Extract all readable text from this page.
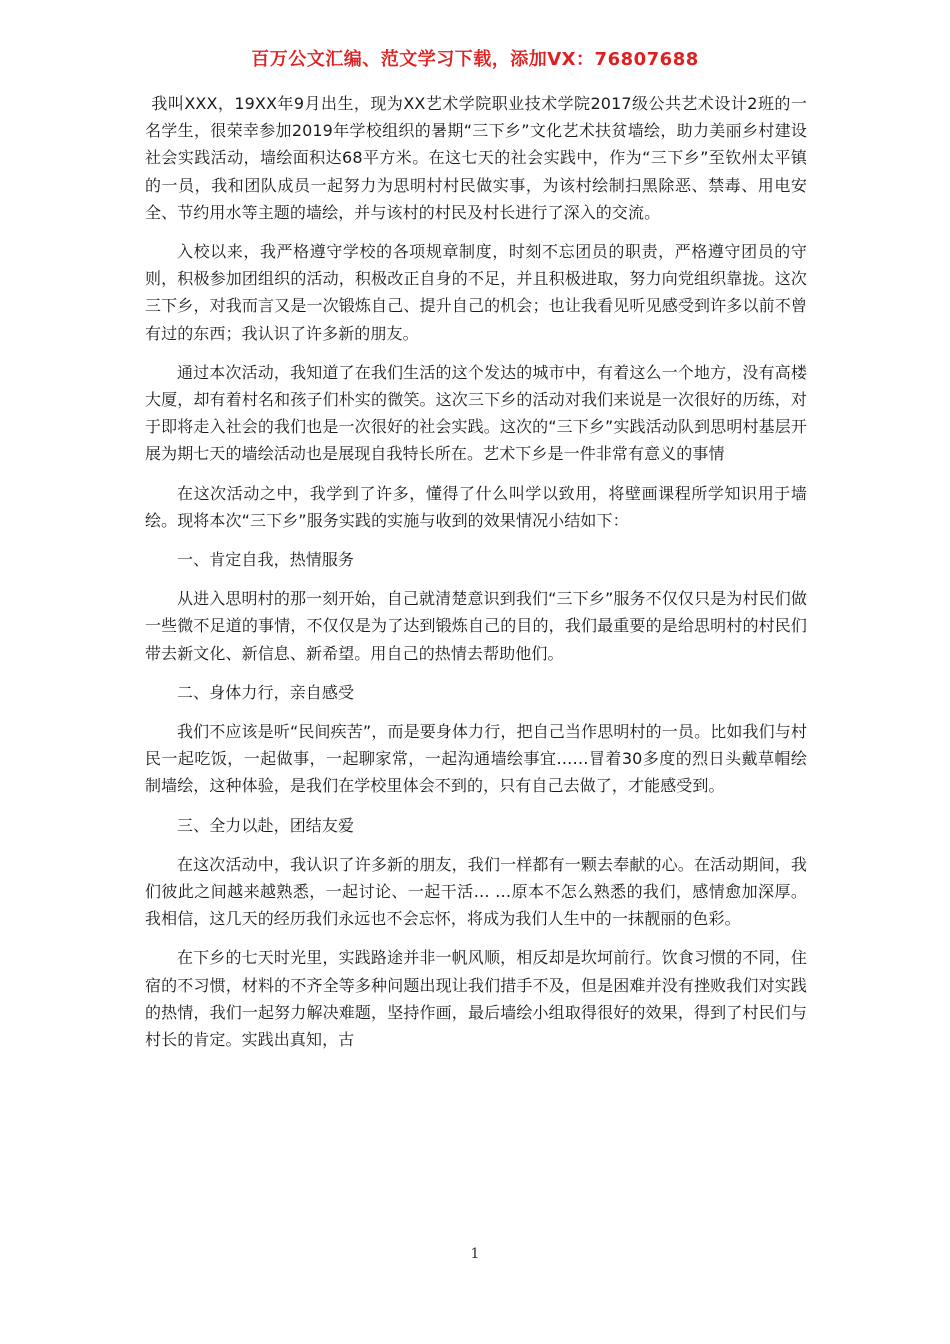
百万公文汇编、范文学习下载，添加VX：76807688

我叫XXX，19XX年9月出生，现为XX艺术学院职业技术学院2017级公共艺术设计2班的一名学生，很荣幸参加2019年学校组织的暑期“三下乡”文化艺术扶贫墙绘，助力美丽乡村建设社会实践活动，墙绘面积达68平方米。在这七天的社会实践中，作为“三下乡”至钦州太平镇的一员，我和团队成员一起努力为思明村村民做实事，为该村绘制扫黑除恶、禁毒、用电安全、节约用水等主题的墙绘，并与该村的村民及村长进行了深入的交流。

入校以来，我严格遵守学校的各项规章制度，时刻不忘团员的职责，严格遵守团员的守则，积极参加团组织的活动，积极改正自身的不足，并且积极进取，努力向党组织靠拢。这次三下乡，对我而言又是一次锻炼自己、提升自己的机会；也让我看见听见感受到许多以前不曾有过的东西；我认识了许多新的朋友。

通过本次活动，我知道了在我们生活的这个发达的城市中，有着这么一个地方，没有高楼大厦，却有着村名和孩子们朴实的微笑。这次三下乡的活动对我们来说是一次很好的历练，对于即将走入社会的我们也是一次很好的社会实践。这次的“三下乡”实践活动队到思明村基层开展为期七天的墙绘活动也是展现自我特长所在。艺术下乡是一件非常有意义的事情

在这次活动之中，我学到了许多，懂得了什么叫学以致用，将壁画课程所学知识用于墙绘。现将本次“三下乡”服务实践的实施与收到的效果情况小结如下：

一、肯定自我，热情服务

从进入思明村的那一刻开始，自己就清楚意识到我们“三下乡”服务不仅仅只是为村民们做一些微不足道的事情，不仅仅是为了达到锻炼自己的目的，我们最重要的是给思明村的村民们带去新文化、新信息、新希望。用自己的热情去帮助他们。

二、身体力行，亲自感受

我们不应该是听“民间疾苦”，而是要身体力行，把自己当作思明村的一员。比如我们与村民一起吃饭，一起做事，一起聊家常，一起沟通墙绘事宜……冒着30多度的烈日头戴草帽绘制墙绘，这种体验，是我们在学校里体会不到的，只有自己去做了，才能感受到。

三、全力以赴，团结友爱

在这次活动中，我认识了许多新的朋友，我们一样都有一颗去奉献的心。在活动期间，我们彼此之间越来越熟悉，一起讨论、一起干活… …原本不怎么熟悉的我们，感情愈加深厚。我相信，这几天的经历我们永远也不会忘怀，将成为我们人生中的一抹靓丽的色彩。

在下乡的七天时光里，实践路途并非一帆风顺，相反却是坎坷前行。饮食习惯的不同，住宿的不习惯，材料的不齐全等多种问题出现让我们措手不及，但是困难并没有挫败我们对实践的热情，我们一起努力解决难题，坚持作画，最后墙绘小组取得很好的效果，得到了村民们与村长的肯定。实践出真知，古

1
